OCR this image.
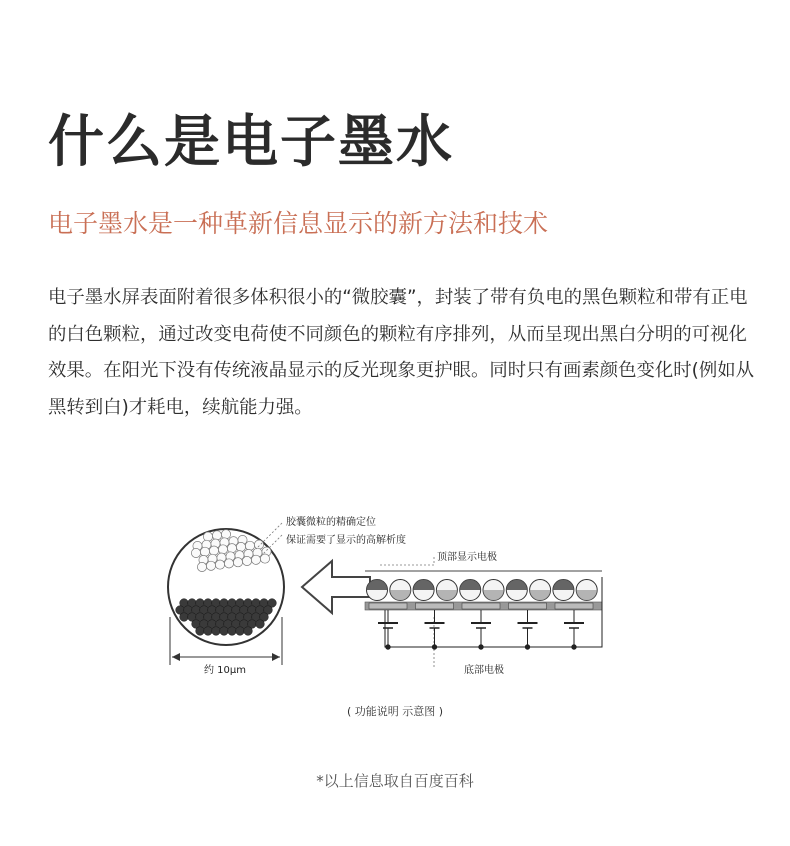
什么是电子墨水
电子墨水是一种革新信息显示的新方法和技术

电子墨水屏表面附着很多体积很小的“微胶囊”，封装了带有负电的黑色颗粒和带有正电的白色颗粒，通过改变电荷使不同颜色的颗粒有序排列，从而呈现出黑白分明的可视化效果。在阳光下没有传统液晶显示的反光现象更护眼。同时只有画素颜色变化时(例如从黑转到白)才耗电，续航能力强。

胶囊微粒的精确定位
保证需要了显示的高解析度
顶部显示电极
底部电极
约 10μm
( 功能说明 示意图 )
*以上信息取自百度百科
